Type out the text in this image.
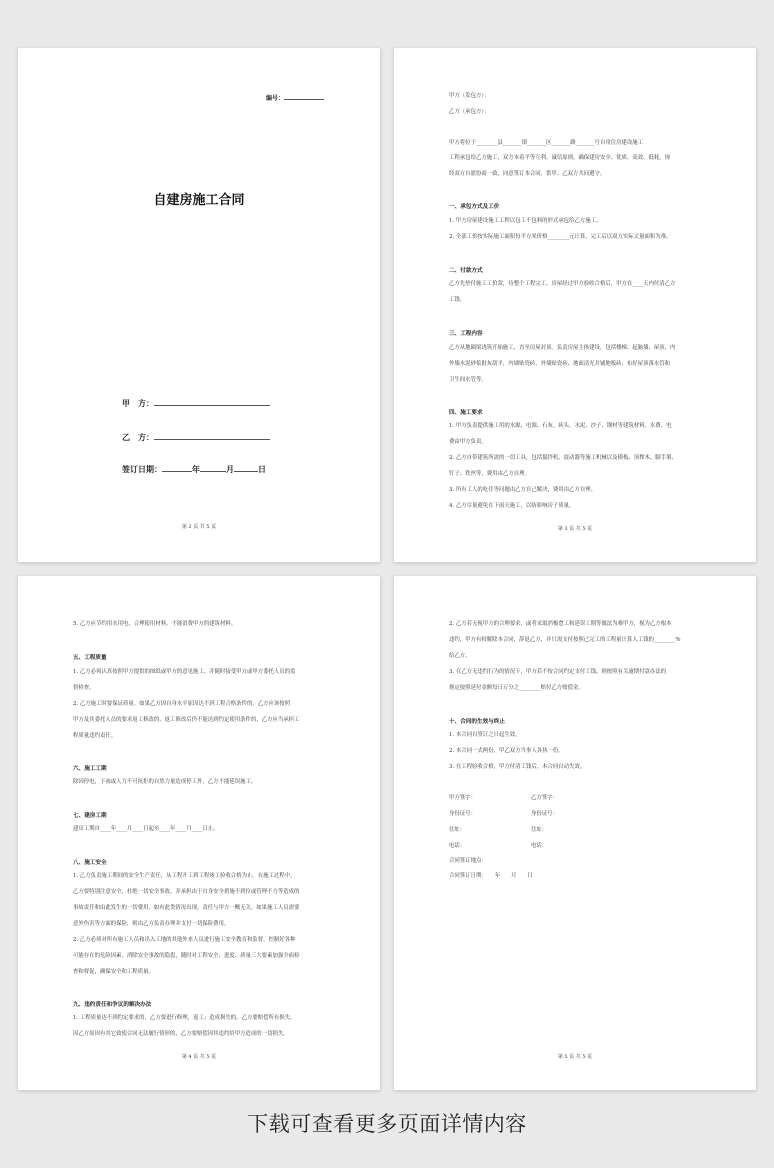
编号：
自建房施工合同
甲　方：
乙　方：
签订日期：	年	月	日
第 2 页 共 5 页
甲方（发包方）：
乙方（承包方）：
甲方将位于________县_______镇_______区_______路_______号自用住房建设施工
工程承包给乙方施工，双方本着平等互利、诚信原则，确保建房安全、优质、高效、低耗，规
经双方自愿协商一致，同意签订本合同，供甲、乙双方共同遵守。
一、承包方式及工价
1. 甲方房屋建设施工工程以包工不包料的形式承包给乙方施工。
2. 全部工价按实际施工面积每平方米价格________元计算，完工后以双方实际丈量面积为准。
二、付款方式
乙方先垫付施工工价款，待整个工程完工，房屋经过甲方验收合格后，甲方在____天内付清乙方
工钱。
三、工程内容
乙方从地圈梁浇筑开始施工，直至房屋封顶。负责房屋主体建设，包括楼梯、起脑墙、屋顶、内
外墙水泥砂浆批灰刮平，内墙贴瓷砖、外墙贴瓷砖、地面清光并铺地板砖，布好屋顶落水管和
卫生间水管等。
四、施工要求
1. 甲方负责提供施工用的水源、电源、石灰、砖头、水泥、沙子、钢材等建筑材料，水费、电
费由甲方负责。
2. 乙方自带建筑所需的一切工具，包括搅拌机、震动器等施工机械以及模板、顶撑木、脚手架、
钉子、铁丝等，费用由乙方自理。
3. 所有工人的吃住等问题由乙方自己解决，费用由乙方自理。
4. 乙方尽量避免在下雨天施工，以防影响房子质量。
第 3 页 共 5 页
5. 乙方应节约用水用电，合理使用材料，不能浪费甲方的建筑材料。
五、工程质量
1. 乙方必须认真按照甲方提供的图纸或甲方的意见施工，并随时接受甲方或甲方委托人员的监
督检查。
2. 乙方施工时要保证质量。如果乙方因自身水平原因达不到工程合格条件的，乙方应该按照
甲方及其委托人员的要求返工修改的，返工修改后仍不能达到约定使用条件的，乙方应当承担工
程质量违约责任。
六、施工工期
除因停电，下雨或人力不可抗拒的自然力量造成停工外，乙方不能延误施工。
七、建房工期
建房工期自____年____月____日起至____年____月____日止。
八、施工安全
1. 乙方负责施工期间的安全生产责任，从工程开工到工程竣工验收合格为止。在施工过程中，
乙方要特别注意安全，杜绝一切安全事故，并承担由于自身安全措施不到位或管理不力等造成的
事故责任和由此发生的一切费用，如有此类情况出现，责任与甲方一概无关。如果施工人员需要
意外伤害等方面的保险，则由乙方负责办理并支付一切保险费用。
2. 乙方必须对所有施工人员和出入工地的其他外来人员进行施工安全教育和监督，控制好各种
可能存在的危险因素，消除安全事故的隐患，随时对工程安全、进度、质量三大要素加强全面检
查和督促，确保安全和工程质量。
九、违约责任和争议的解决办法
1. 工程质量达不到约定要求的，乙方要进行修理，返工；造成损失的，乙方要赔偿所有损失。
因乙方原因有其它致使合同无法履行情形的，乙方要赔偿因其违约给甲方造成的一切损失。
第 4 页 共 5 页
2. 乙方若无视甲方的合理要求，或者采取消极怠工和延误工期等做法为难甲方，视为乙方根本
违约，甲方有权解除本合同，辞退乙方，并只需支付按照已完工的工程量计算人工钱的________%
给乙方。
3. 在乙方无违约行为的情况下，甲方若不按合同约定支付工钱，则按照有关逾期付款办法的
规定按照延付金额每日万分之________赔付乙方赔偿金。
十、合同的生效与终止
1. 本合同自签订之日起生效。
2. 本合同一式两份，甲乙双方当事人各执一份。
3. 在工程验收合格，甲方付清工钱后，本合同自动失效。
甲方签字：	乙方签字：
身份证号：	身份证号：
住址：	住址：
电话：	电话：
合同签订地点：
合同签订日期：　　年　　月　　日
第 5 页 共 5 页
下载可查看更多页面详情内容
